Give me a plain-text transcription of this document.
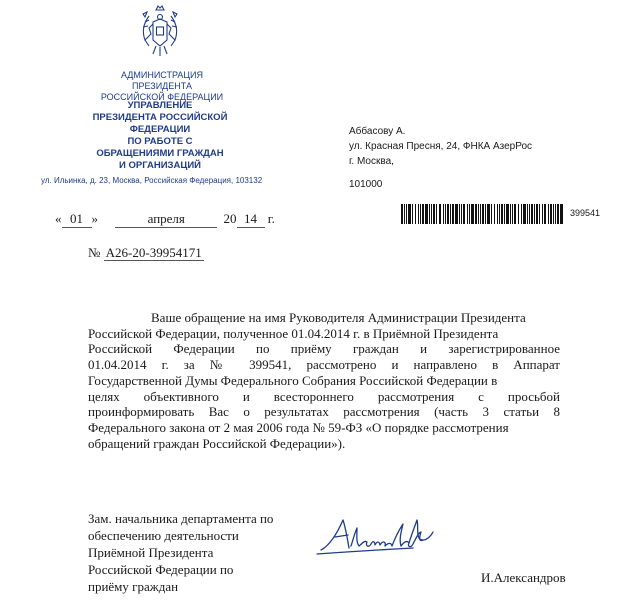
АДМИНИСТРАЦИЯ ПРЕЗИДЕНТА
РОССИЙСКОЙ ФЕДЕРАЦИИ
УПРАВЛЕНИЕ
ПРЕЗИДЕНТА РОССИЙСКОЙ ФЕДЕРАЦИИ
ПО РАБОТЕ С ОБРАЩЕНИЯМИ ГРАЖДАН
И ОРГАНИЗАЦИЙ
ул. Ильинка, д. 23, Москва, Российская Федерация, 103132
« 01 »	апреля	20 14 г.
№ А26-20-39954171
Аббасову А.
ул. Красная Пресня, 24, ФНКА АзерРос
г. Москва,
101000
399541

Ваше обращение на имя Руководителя Администрации Президента

Российской Федерации, полученное 01.04.2014 г. в Приёмной Президента

Российской Федерации по приёму граждан и зарегистрированное

01.04.2014 г. за № 399541, рассмотрено и направлено в Аппарат

Государственной Думы Федерального Собрания Российской Федерации в

целях объективного и всестороннего рассмотрения с просьбой

проинформировать Вас о результатах рассмотрения (часть 3 статьи 8

Федерального закона от 2 мая 2006 года № 59-ФЗ «О порядке рассмотрения

обращений граждан Российской Федерации»).

Зам. начальника департамента по
обеспечению деятельности
Приёмной Президента
Российской Федерации по
приёму граждан
И.Александров
